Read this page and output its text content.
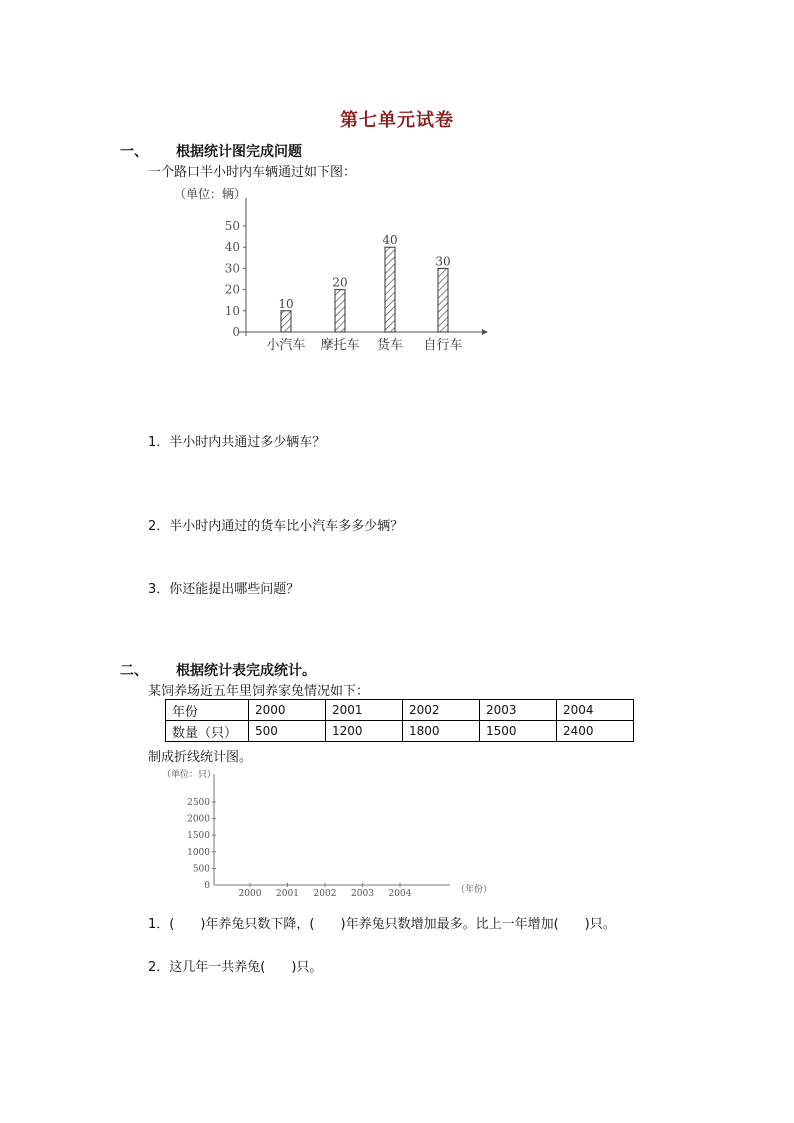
第七单元试卷
一、 根据统计图完成问题
一个路口半小时内车辆通过如下图：
（单位：辆）
0
10
20
30
40
50
10
小汽车
20
摩托车
40
货车
30
自行车
1．半小时内共通过多少辆车？
2．半小时内通过的货车比小汽车多多少辆？
3．你还能提出哪些问题？
二、 根据统计表完成统计。
某饲养场近五年里饲养家兔情况如下：
年份	2000	2001	2002	2003	2004
数量（只）	500	1200	1800	1500	2400
制成折线统计图。
（单位：只）
（年份）
0
500
1000
1500
2000
2500
2000 2001 2002 2003 2004
1．(　　)年养兔只数下降，(　　)年养兔只数增加最多。比上一年增加(　　)只。
2．这几年一共养兔(　　)只。
